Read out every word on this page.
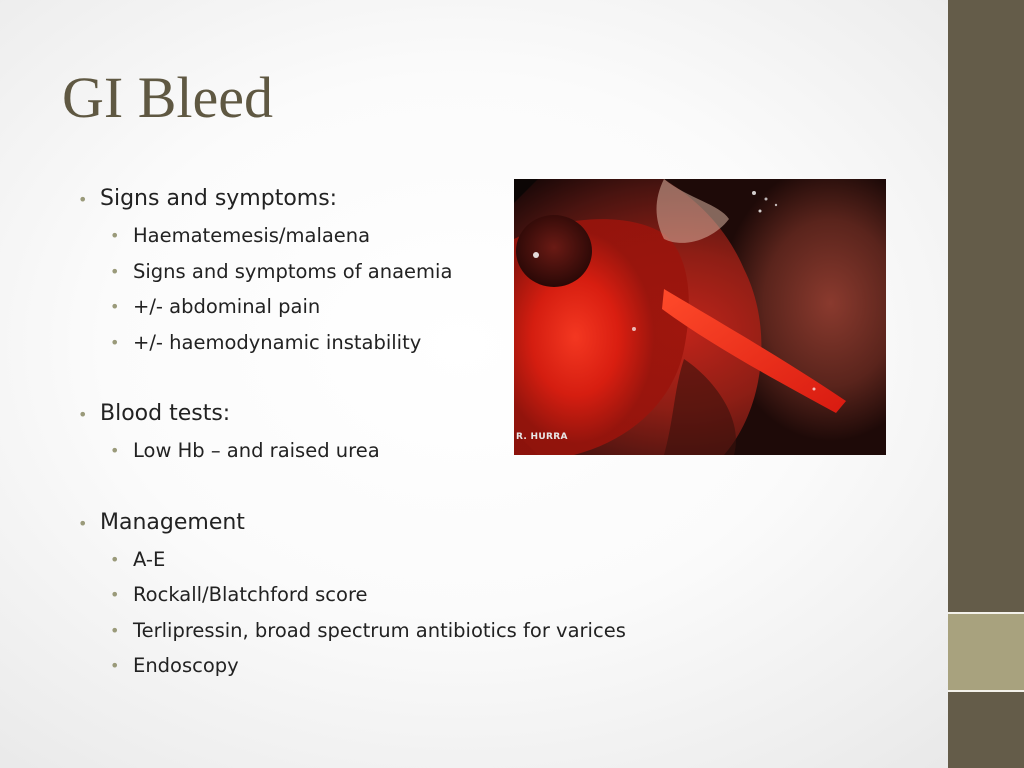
GI Bleed
• Signs and symptoms:
• Haematemesis/malaena
• Signs and symptoms of anaemia
• +/- abdominal pain
• +/- haemodynamic instability
• Blood tests:
• Low Hb – and raised urea
• Management
• A-E
• Rockall/Blatchford score
• Terlipressin, broad spectrum antibiotics for varices
• Endoscopy
R. HURRA
